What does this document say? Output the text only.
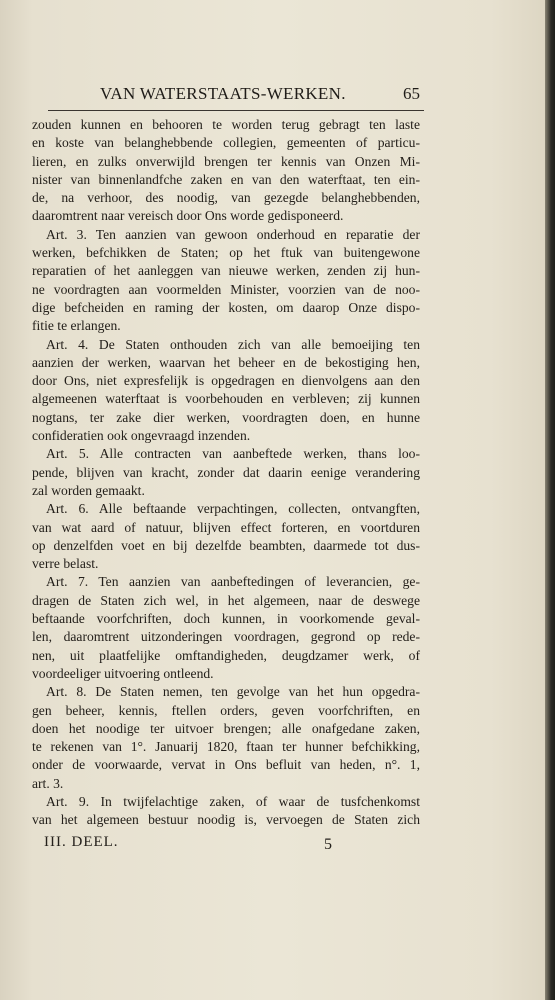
VAN WATERSTAATS-WERKEN.	65
zouden kunnen en behooren te worden terug gebragt ten laste
en koste van belanghebbende collegien, gemeenten of particu-
lieren, en zulks onverwijld brengen ter kennis van Onzen Mi-
nister van binnenlandfche zaken en van den waterftaat, ten ein-
de, na verhoor, des noodig, van gezegde belanghebbenden,
daaromtrent naar vereisch door Ons worde gedisponeerd.
Art. 3. Ten aanzien van gewoon onderhoud en reparatie der
werken, befchikken de Staten; op het ftuk van buitengewone
reparatien of het aanleggen van nieuwe werken, zenden zij hun-
ne voordragten aan voormelden Minister, voorzien van de noo-
dige befcheiden en raming der kosten, om daarop Onze dispo-
fitie te erlangen.
Art. 4. De Staten onthouden zich van alle bemoeijing ten
aanzien der werken, waarvan het beheer en de bekostiging hen,
door Ons, niet expresfelijk is opgedragen en dienvolgens aan den
algemeenen waterftaat is voorbehouden en verbleven; zij kunnen
nogtans, ter zake dier werken, voordragten doen, en hunne
confideratien ook ongevraagd inzenden.
Art. 5. Alle contracten van aanbeftede werken, thans loo-
pende, blijven van kracht, zonder dat daarin eenige verandering
zal worden gemaakt.
Art. 6. Alle beftaande verpachtingen, collecten, ontvangften,
van wat aard of natuur, blijven effect forteren, en voortduren
op denzelfden voet en bij dezelfde beambten, daarmede tot dus-
verre belast.
Art. 7. Ten aanzien van aanbeftedingen of leverancien, ge-
dragen de Staten zich wel, in het algemeen, naar de deswege
beftaande voorfchriften, doch kunnen, in voorkomende geval-
len, daaromtrent uitzonderingen voordragen, gegrond op rede-
nen, uit plaatfelijke omftandigheden, deugdzamer werk, of
voordeeliger uitvoering ontleend.
Art. 8. De Staten nemen, ten gevolge van het hun opgedra-
gen beheer, kennis, ftellen orders, geven voorfchriften, en
doen het noodige ter uitvoer brengen; alle onafgedane zaken,
te rekenen van 1°. Januarij 1820, ftaan ter hunner befchikking,
onder de voorwaarde, vervat in Ons befluit van heden, n°. 1,
art. 3.
Art. 9. In twijfelachtige zaken, of waar de tusfchenkomst
van het algemeen bestuur noodig is, vervoegen de Staten zich
III. DEEL.	5
